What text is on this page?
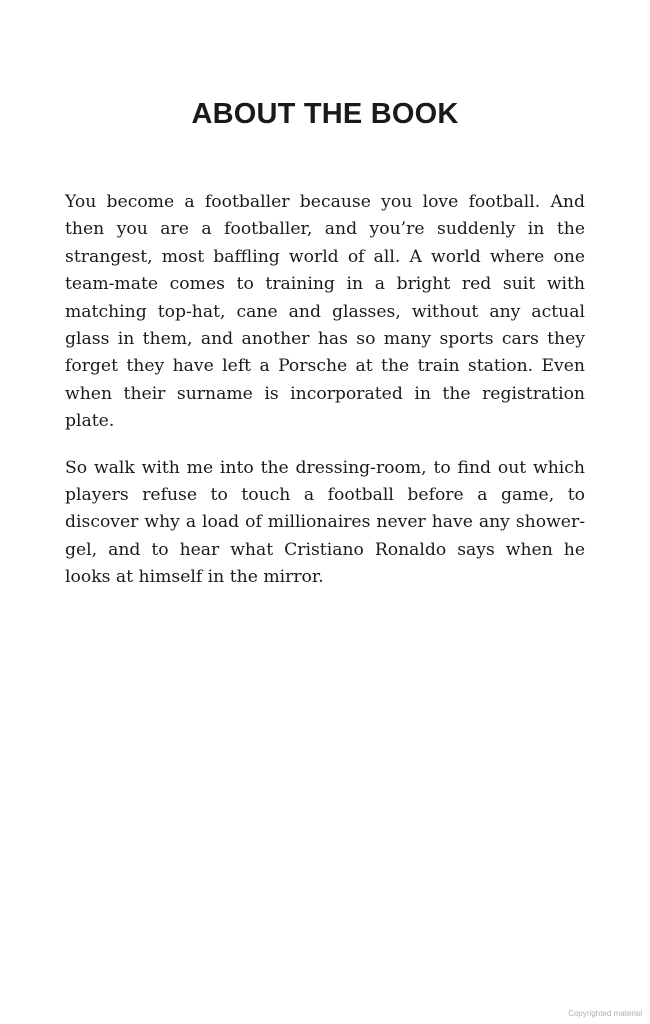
ABOUT THE BOOK

You become a footballer because you love football. And then you are a footballer, and you’re suddenly in the strangest, most baffling world of all. A world where one team-mate comes to training in a bright red suit with matching top-hat, cane and glasses, without any actual glass in them, and another has so many sports cars they forget they have left a Porsche at the train station. Even when their surname is incorporated in the registration plate.

So walk with me into the dressing-room, to find out which players refuse to touch a football before a game, to discover why a load of millionaires never have any shower-gel, and to hear what Cristiano Ronaldo says when he looks at himself in the mirror.

Copyrighted material
